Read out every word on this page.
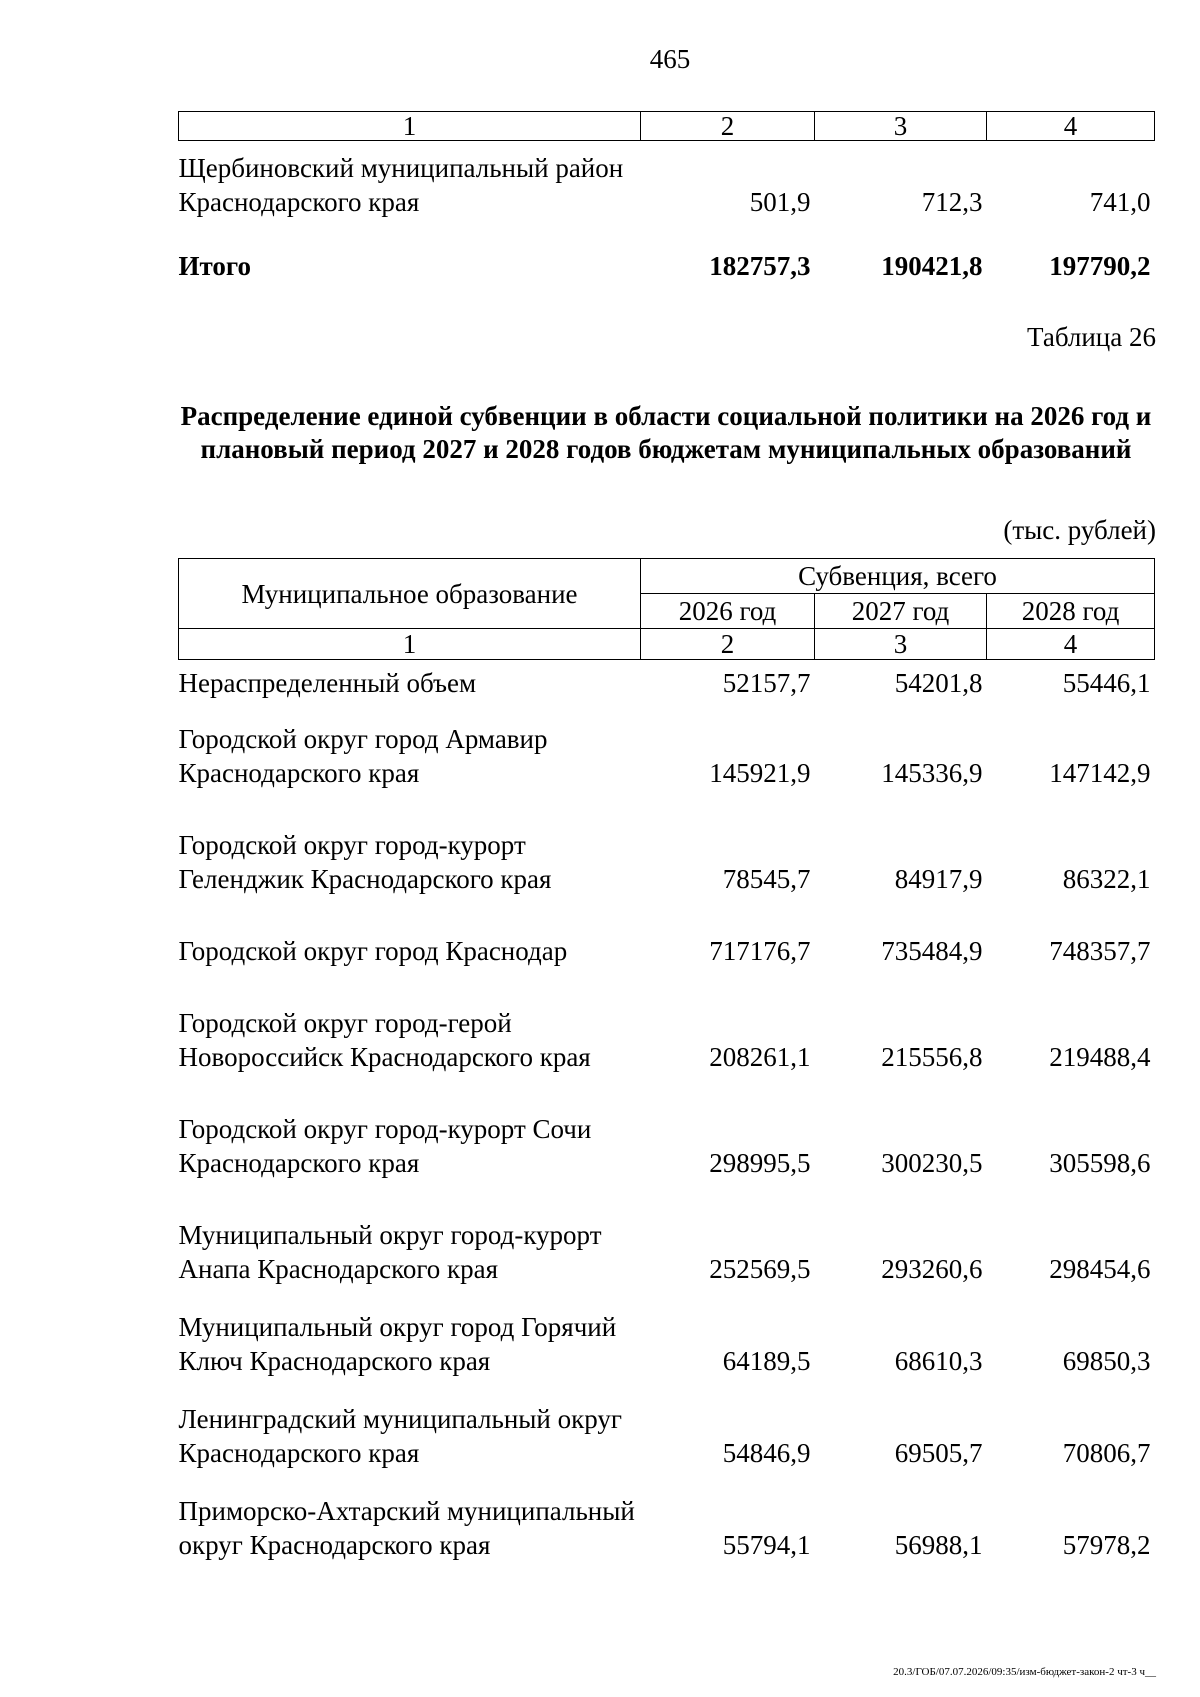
465
1	2	3	4
Щербиновский муниципальный район Краснодарского края	501,9	712,3	741,0
Итого	182757,3	190421,8	197790,2
Таблица 26
Распределение единой субвенции в области социальной политики на 2026 год и плановый период 2027 и 2028 годов бюджетам муниципальных образований
(тыс. рублей)
Муниципальное образование	Субвенция, всего		
	2026 год	2027 год	2028 год
1	2	3	4
Нераспределенный объем	52157,7	54201,8	55446,1
Городской округ город Армавир Краснодарского края	145921,9	145336,9	147142,9

Городской округ город-курорт Геленджик Краснодарского края	78545,7	84917,9	86322,1

Городской округ город Краснодар	717176,7	735484,9	748357,7

Городской округ город-герой Новороссийск Краснодарского края	208261,1	215556,8	219488,4

Городской округ город-курорт Сочи Краснодарского края	298995,5	300230,5	305598,6

Муниципальный округ город-курорт Анапа Краснодарского края	252569,5	293260,6	298454,6

Муниципальный округ город Горячий Ключ Краснодарского края	64189,5	68610,3	69850,3

Ленинградский муниципальный округ Краснодарского края	54846,9	69505,7	70806,7

Приморско-Ахтарский муниципальный округ Краснодарского края	55794,1	56988,1	57978,2
20.3/ГОБ/07.07.2026/09:35/изм-бюджет-закон-2 чт-3 ч__
